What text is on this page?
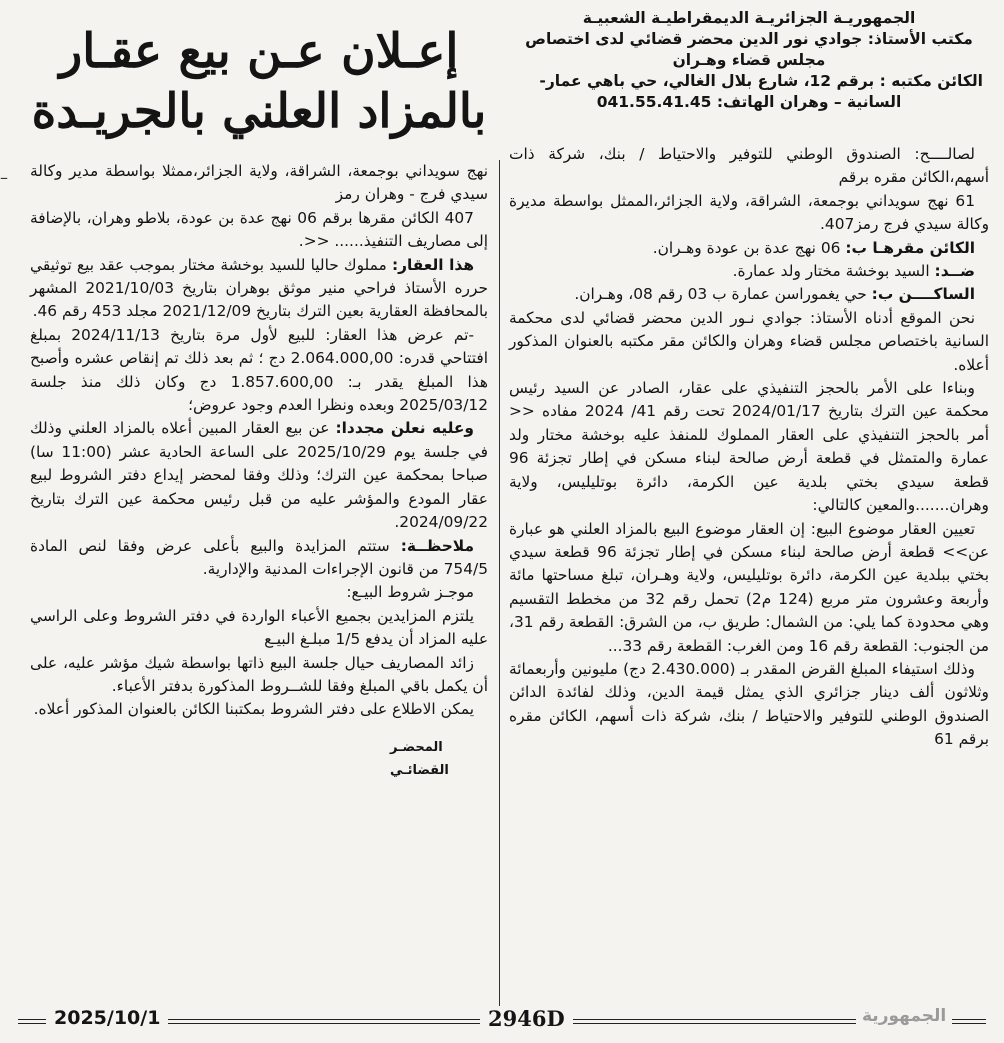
–

الجمهوريـة الجزائريـة الديمقراطيـة الشعبيـة

مكتب الأستاذ: جوادي نور الدين محضر قضائي لدى اختصاص

مجلس قضاء وهـران

الكائن مكتبه : برقم 12، شارع بلال الغالي، حي باهي عمار-

السانية – وهران الهاتف: 041.55.41.45

لصالــــح: الصندوق الوطني للتوفير والاحتياط / بنك، شركة ذات أسهم،الكائن مقره برقم

61 نهج سويداني بوجمعة، الشراقة، ولاية الجزائر،الممثل بواسطة مديرة وكالة سيدي فرج رمز407.

الكائن مقرهـا ب: 06 نهج عدة بن عودة وهـران.

ضــد: السيد بوخشة مختار ولد عمارة.

الساكــــن ب: حي يغموراسن عمارة ب 03 رقم 08، وهـران.

نحن الموقع أدناه الأستاذ: جوادي نـور الدين محضر قضائي لدى محكمة السانية باختصاص مجلس قضاء وهران والكائن مقر مكتبه بالعنوان المذكور أعلاه.

وبناءا على الأمر بالحجز التنفيذي على عقار، الصادر عن السيد رئيس محكمة عين الترك بتاريخ 2024/01/17 تحت رقم 41/ 2024 مفاده << أمر بالحجز التنفيذي على العقار المملوك للمنفذ عليه بوخشة مختار ولد عمارة والمتمثل في قطعة أرض صالحة لبناء مسكن في إطار تجزئة 96 قطعة سيدي بختي بلدية عين الكرمة، دائرة بوتليليس، ولاية وهران.......والمعين كالتالي:

تعيين العقار موضوع البيع: إن العقار موضوع البيع بالمزاد العلني هو عبارة عن>> قطعة أرض صالحة لبناء مسكن في إطار تجزئة 96 قطعة سيدي بختي ببلدية عين الكرمة، دائرة بوتليليس، ولاية وهـران، تبلغ مساحتها مائة وأربعة وعشرون متر مربع (124 م2) تحمل رقم 32 من مخطط التقسيم وهي محدودة كما يلي: من الشمال: طريق ب، من الشرق: القطعة رقم 31، من الجنوب: القطعة رقم 16 ومن الغرب: القطعة رقم 33...

وذلك استيفاء المبلغ القرض المقدر بـ (2.430.000 دج) مليونين وأربعمائة وثلاثون ألف دينار جزائري الذي يمثل قيمة الدين، وذلك لفائدة الدائن الصندوق الوطني للتوفير والاحتياط / بنك، شركة ذات أسهم، الكائن مقره برقم 61

إعـلان عـن بيع عقـار
بالمزاد العلني بالجريـدة

نهج سويداني بوجمعة، الشراقة، ولاية الجزائر،ممثلا بواسطة مدير وكالة سيدي فرج - وهران رمز

407 الكائن مقرها برقم 06 نهج عدة بن عودة، بلاطو وهران، بالإضافة إلى مصاريف التنفيذ...... <<.

هذا العقار: مملوك حاليا للسيد بوخشة مختار بموجب عقد بيع توثيقي حرره الأستاذ فراحي منير موثق بوهران بتاريخ 2021/10/03 المشهر بالمحافظة العقارية بعين الترك بتاريخ 2021/12/09 مجلد 453 رقم 46.

-تم عرض هذا العقار: للبيع لأول مرة بتاريخ 2024/11/13 بمبلغ افتتاحي قدره: 2.064.000,00 دج ؛ ثم بعد ذلك تم إنقاص عشره وأصبح هذا المبلغ يقدر بـ: 1.857.600,00 دج وكان ذلك منذ جلسة 2025/03/12 وبعده ونظرا العدم وجود عروض؛

وعليه نعلن مجددا: عن بيع العقار المبين أعلاه بالمزاد العلني وذلك في جلسة يوم 2025/10/29 على الساعة الحادية عشر (11:00 سا) صباحا بمحكمة عين الترك؛ وذلك وفقا لمحضر إيداع دفتر الشروط لبيع عقار المودع والمؤشر عليه من قبل رئيس محكمة عين الترك بتاريخ 2024/09/22.

ملاحظــة: ستتم المزايدة والبيع بأعلى عرض وفقا لنص المادة 754/5 من قانون الإجراءات المدنية والإدارية.

موجـز شروط البيـع:

يلتزم المزايدين بجميع الأعباء الواردة في دفتر الشروط وعلى الراسي عليه المزاد أن يدفع 1/5 مبلـغ البيـع

زائد المصاريف حيال جلسة البيع ذاتها بواسطة شيك مؤشر عليه، على أن يكمل باقي المبلغ وفقا للشــروط المذكورة بدفتر الأعباء.

يمكن الاطلاع على دفتر الشروط بمكتبنا الكائن بالعنوان المذكور أعلاه.

المحضـر القضائـي
2025/10/1	2946D	الجمهورية
